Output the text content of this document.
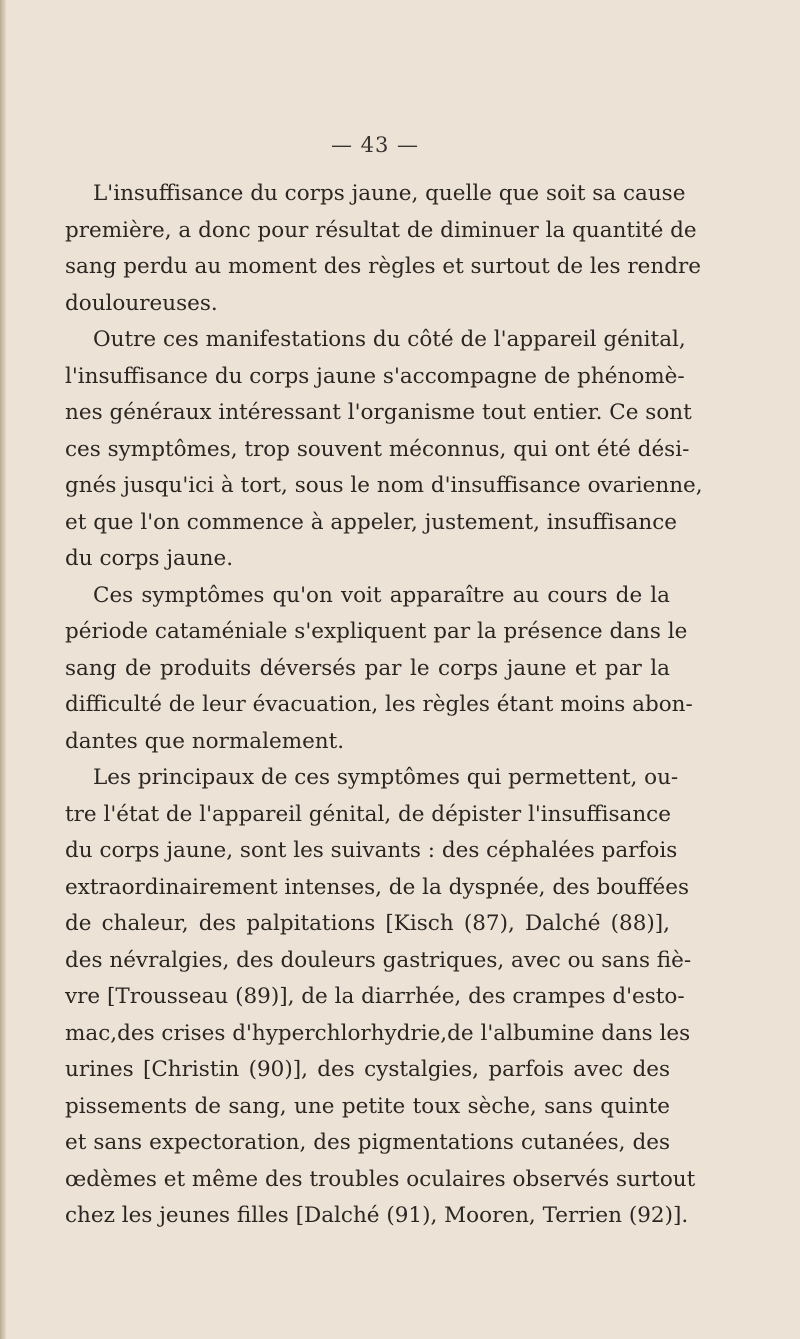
— 43 —
L'insuffisance du corps jaune, quelle que soit sa cause
première, a donc pour résultat de diminuer la quantité de
sang perdu au moment des règles et surtout de les rendre
douloureuses.
Outre ces manifestations du côté de l'appareil génital,
l'insuffisance du corps jaune s'accompagne de phénomè-
nes généraux intéressant l'organisme tout entier. Ce sont
ces symptômes, trop souvent méconnus, qui ont été dési-
gnés jusqu'ici à tort, sous le nom d'insuffisance ovarienne,
et que l'on commence à appeler, justement, insuffisance
du corps jaune.
Ces symptômes qu'on voit apparaître au cours de la
période cataméniale s'expliquent par la présence dans le
sang de produits déversés par le corps jaune et par la
difficulté de leur évacuation, les règles étant moins abon-
dantes que normalement.
Les principaux de ces symptômes qui permettent, ou-
tre l'état de l'appareil génital, de dépister l'insuffisance
du corps jaune, sont les suivants : des céphalées parfois
extraordinairement intenses, de la dyspnée, des bouffées
de chaleur, des palpitations [Kisch (87), Dalché (88)],
des névralgies, des douleurs gastriques, avec ou sans fiè-
vre [Trousseau (89)], de la diarrhée, des crampes d'esto-
mac,des crises d'hyperchlorhydrie,de l'albumine dans les
urines [Christin (90)], des cystalgies, parfois avec des
pissements de sang, une petite toux sèche, sans quinte
et sans expectoration, des pigmentations cutanées, des
œdèmes et même des troubles oculaires observés surtout
chez les jeunes filles [Dalché (91), Mooren, Terrien (92)].
